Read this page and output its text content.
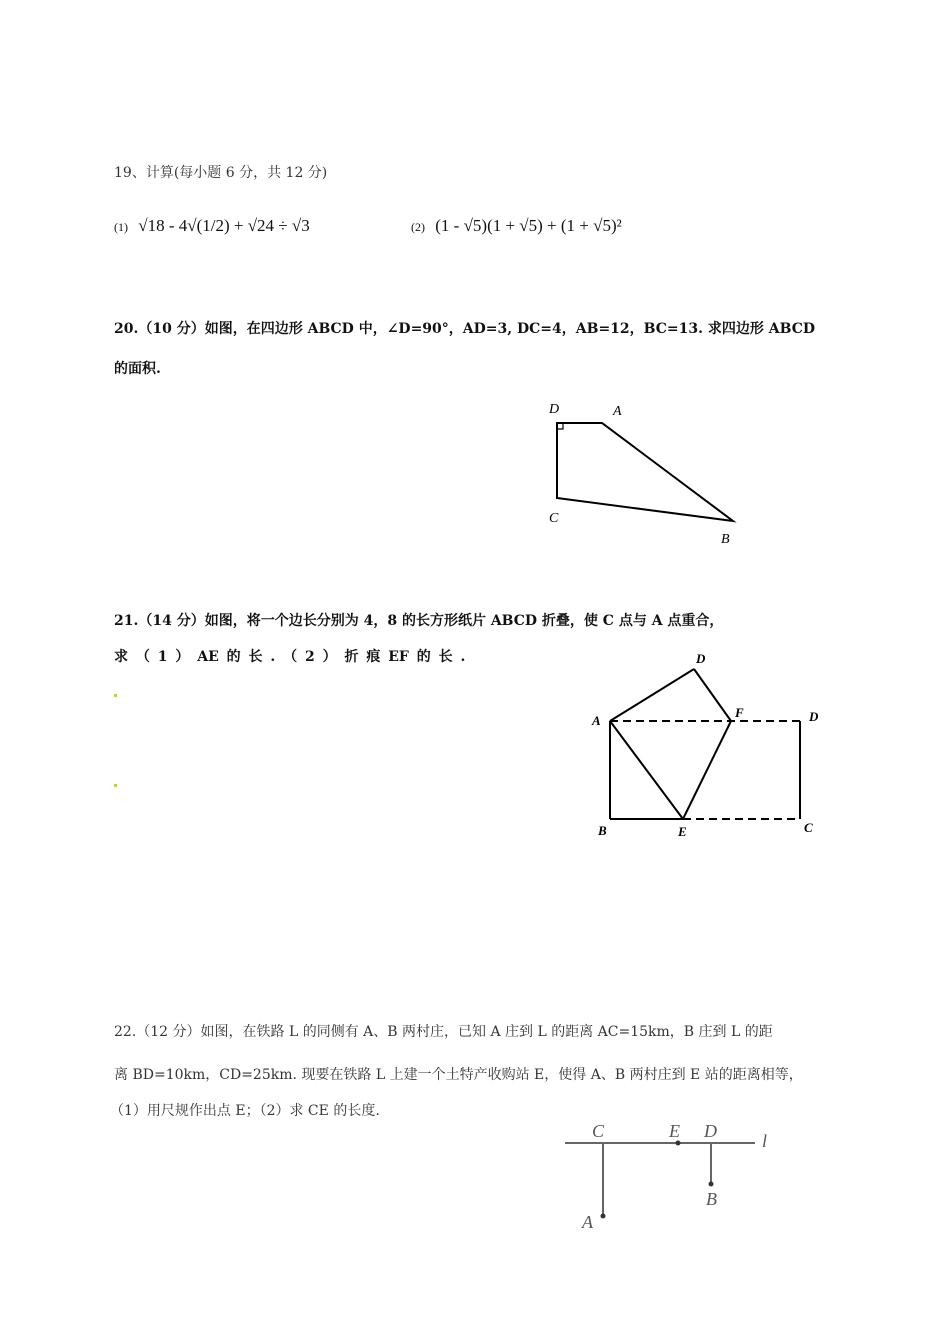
19、计算(每小题 6 分，共 12 分)
(1) √18 - 4√(1/2) + √24 ÷ √3	(2) (1 - √5)(1 + √5) + (1 + √5)²
20.（10 分）如图，在四边形 ABCD 中，∠D=90°，AD=3, DC=4，AB=12，BC=13. 求四边形 ABCD
的面积.
D	A
C
B
D
A
F	D
B	E	C
C	E D	l
B
A
21.（14 分）如图，将一个边长分别为 4，8 的长方形纸片 ABCD 折叠，使 C 点与 A 点重合，
求 （ 1 ） AE 的 长 . （ 2 ） 折 痕 EF 的 长 .
22.（12 分）如图，在铁路 L 的同侧有 A、B 两村庄，已知 A 庄到 L 的距离 AC=15km，B 庄到 L 的距
离 BD=10km，CD=25km. 现要在铁路 L 上建一个土特产收购站 E，使得 A、B 两村庄到 E 站的距离相等，
（1）用尺规作出点 E；（2）求 CE 的长度.
